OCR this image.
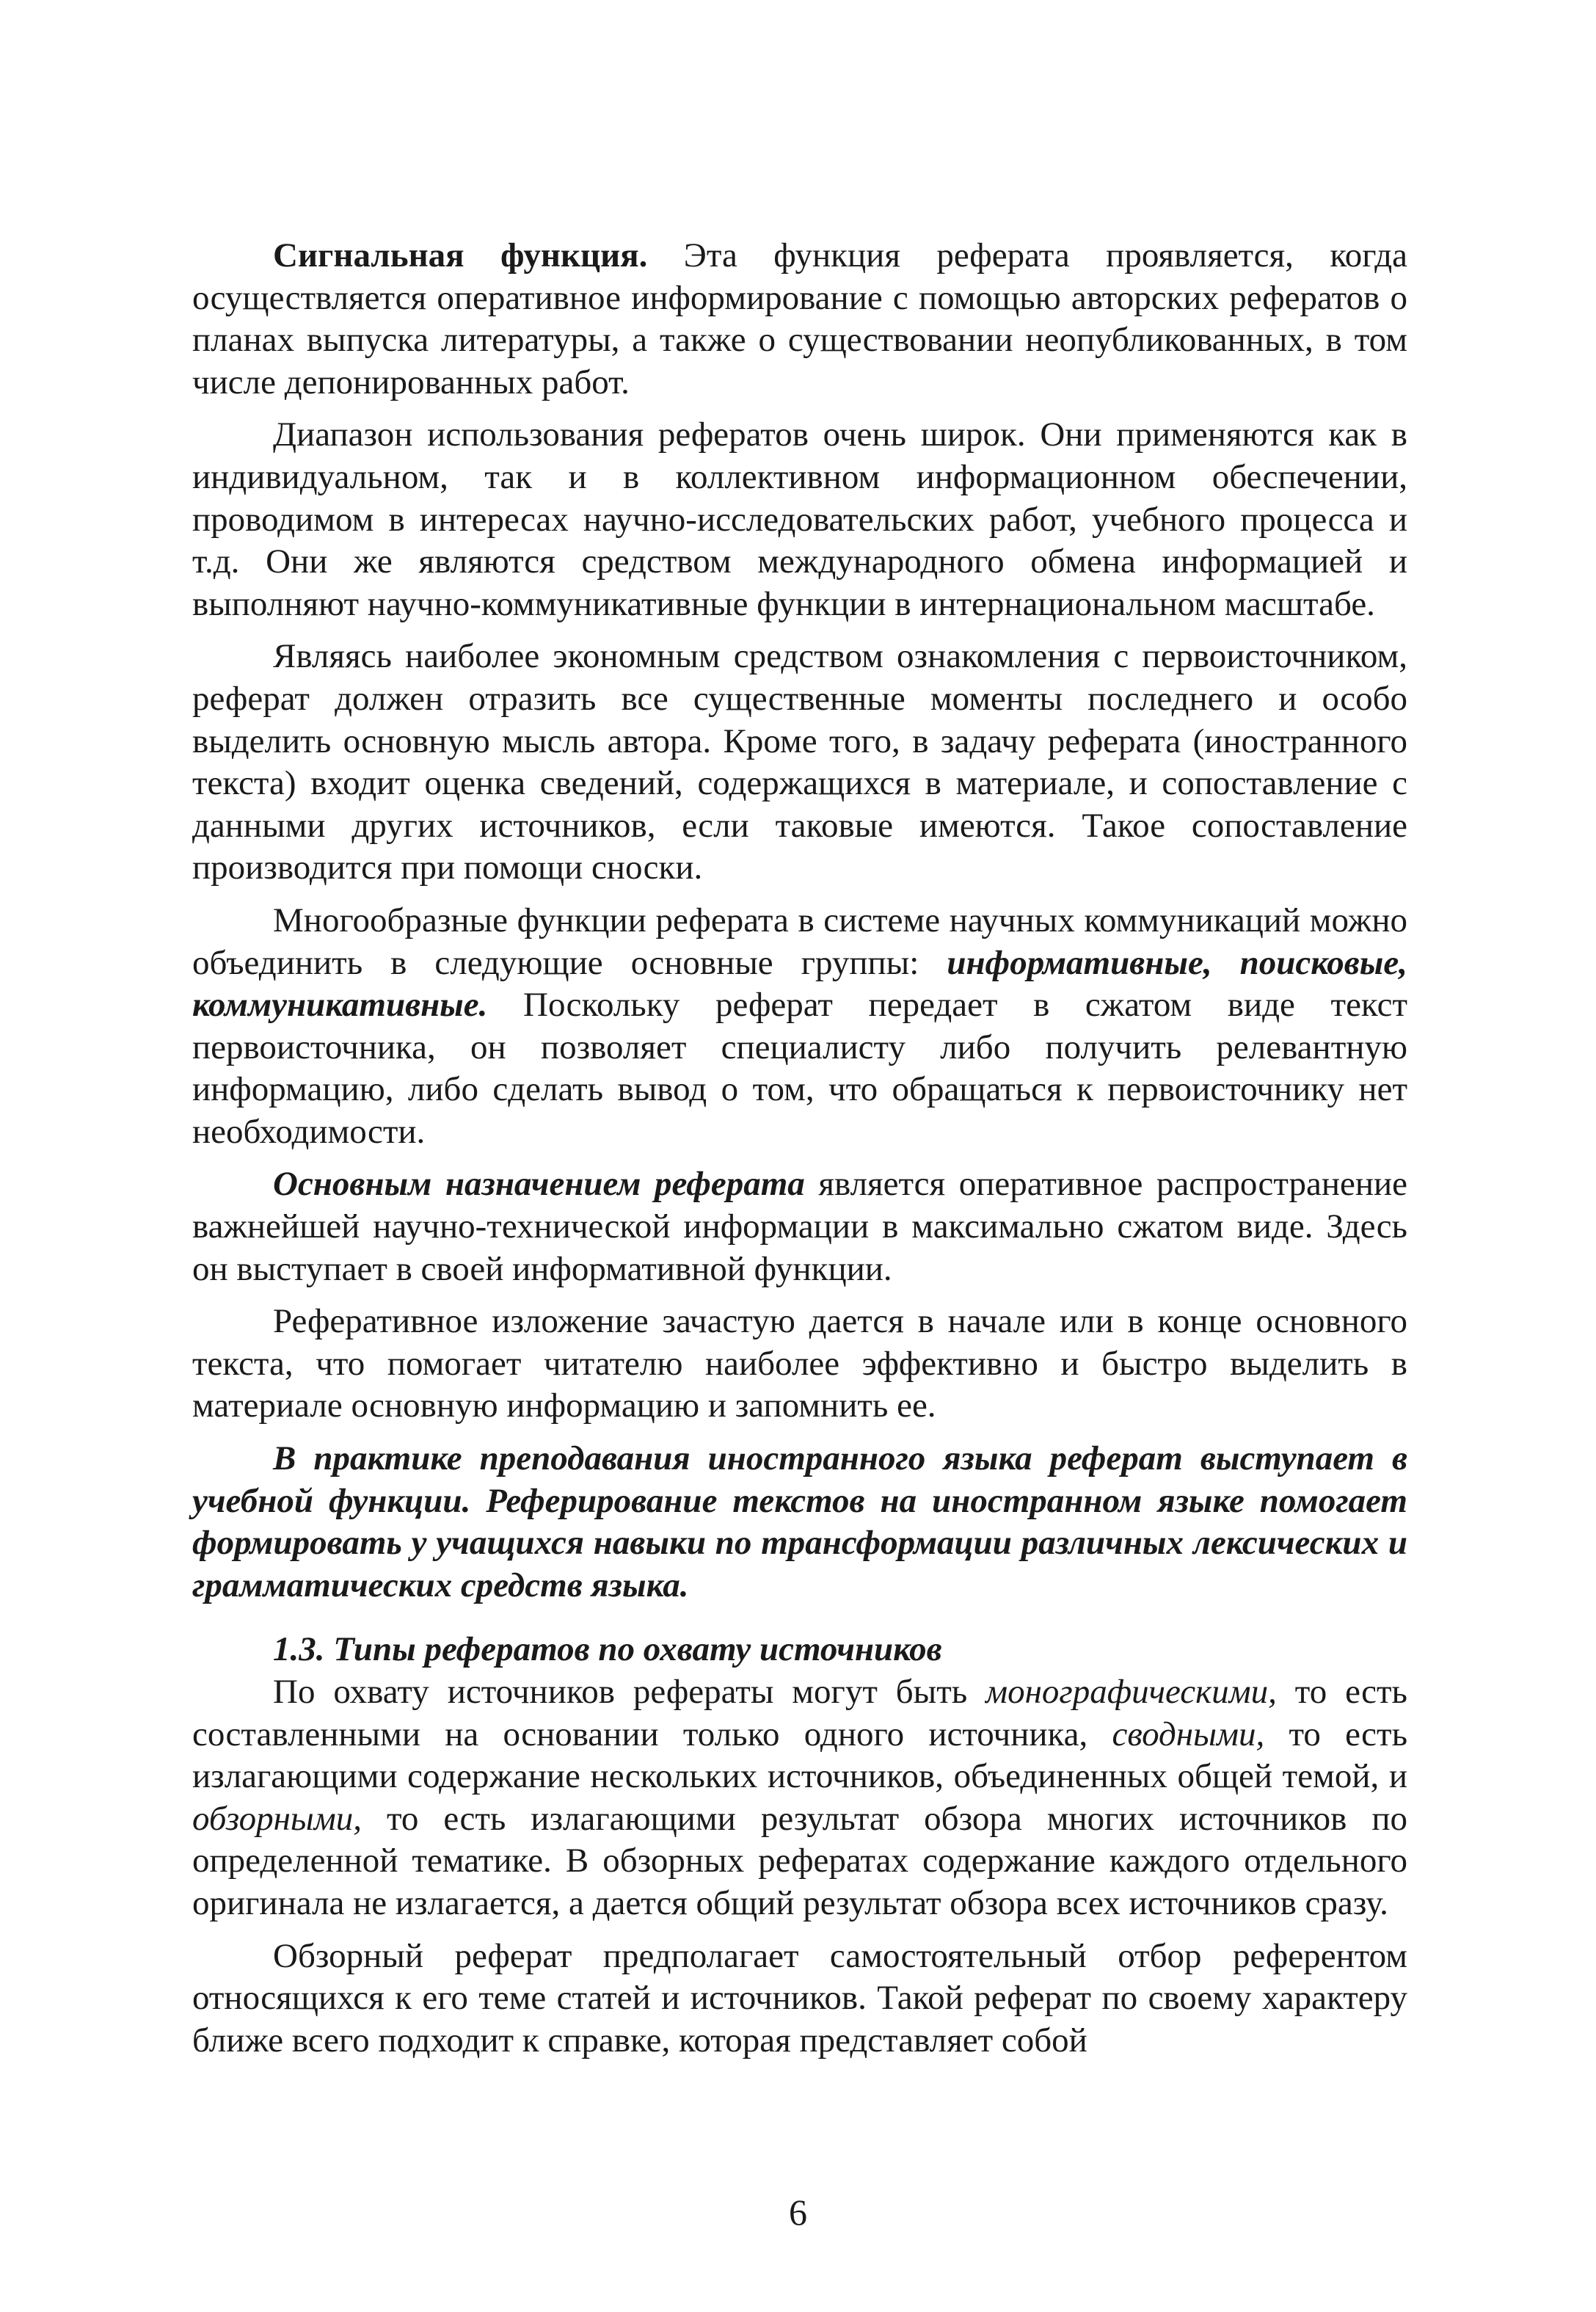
Сигнальная функция. Эта функция реферата проявляется, когда осуществляется оперативное информирование с помощью авторских рефератов о планах выпуска литературы, а также о существовании неопубликованных, в том числе депонированных работ.

Диапазон использования рефератов очень широк. Они применяются как в индивидуальном, так и в коллективном информационном обеспечении, проводимом в интересах научно-исследовательских работ, учебного процесса и т.д. Они же являются средством международного обмена информацией и выполняют научно-коммуникативные функции в интернациональном масштабе.

Являясь наиболее экономным средством ознакомления с первоисточником, реферат должен отразить все существенные моменты последнего и особо выделить основную мысль автора. Кроме того, в задачу реферата (иностранного текста) входит оценка сведений, содержащихся в материале, и сопоставление с данными других источников, если таковые имеются. Такое сопоставление производится при помощи сноски.

Многообразные функции реферата в системе научных коммуникаций можно объединить в следующие основные группы: информативные, поисковые, коммуникативные. Поскольку реферат передает в сжатом виде текст первоисточника, он позволяет специалисту либо получить релевантную информацию, либо сделать вывод о том, что обращаться к первоисточнику нет необходимости.

Основным назначением реферата является оперативное распространение важнейшей научно-технической информации в максимально сжатом виде. Здесь он выступает в своей информативной функции.

Реферативное изложение зачастую дается в начале или в конце основного текста, что помогает читателю наиболее эффективно и быстро выделить в материале основную информацию и запомнить ее.

В практике преподавания иностранного языка реферат выступает в учебной функции. Реферирование текстов на иностранном языке помогает формировать у учащихся навыки по трансформации различных лексических и грамматических средств языка.

1.3. Типы рефератов по охвату источников

По охвату источников рефераты могут быть монографическими, то есть составленными на основании только одного источника, сводными, то есть излагающими содержание нескольких источников, объединенных общей темой, и обзорными, то есть излагающими результат обзора многих источников по определенной тематике. В обзорных рефератах содержание каждого отдельного оригинала не излагается, а дается общий результат обзора всех источников сразу.

Обзорный реферат предполагает самостоятельный отбор референтом относящихся к его теме статей и источников. Такой реферат по своему характеру ближе всего подходит к справке, которая представляет собой

6
